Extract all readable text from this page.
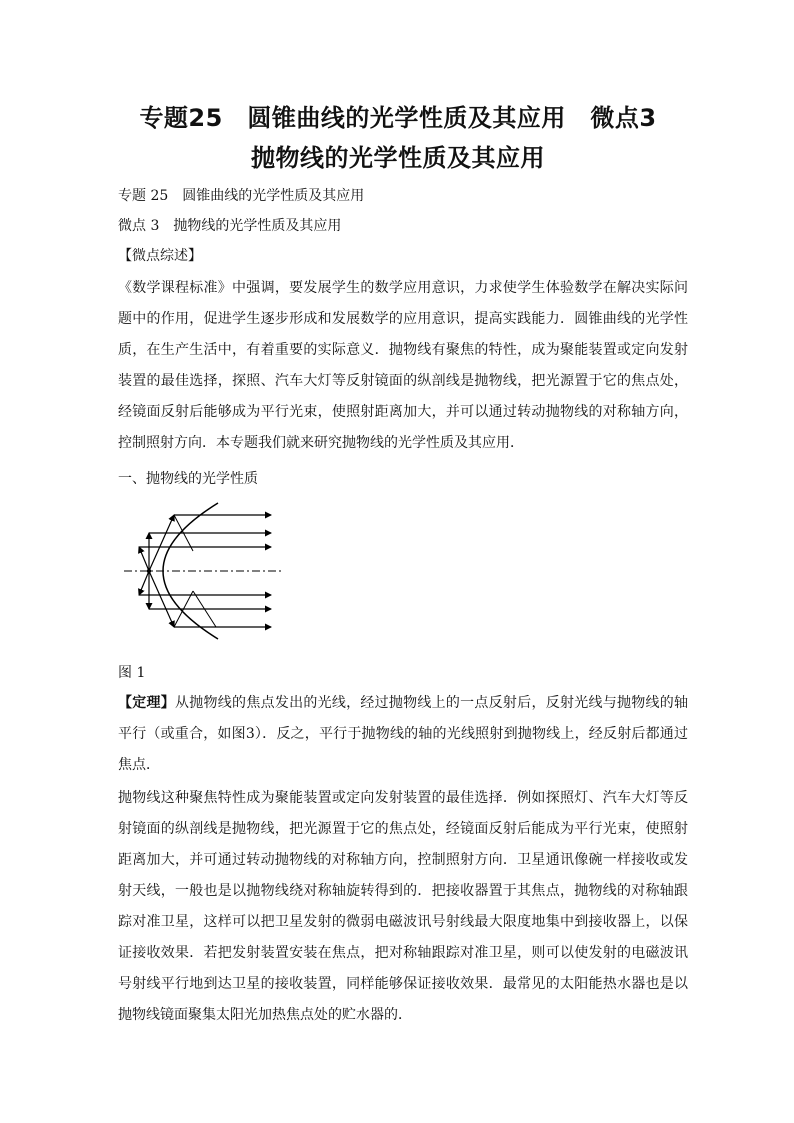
专题25　圆锥曲线的光学性质及其应用　微点3　抛物线的光学性质及其应用
专题 25　圆锥曲线的光学性质及其应用
微点 3　抛物线的光学性质及其应用
【微点综述】
《数学课程标准》中强调，要发展学生的数学应用意识，力求使学生体验数学在解决实际问题中的作用，促进学生逐步形成和发展数学的应用意识，提高实践能力．圆锥曲线的光学性质，在生产生活中，有着重要的实际意义．抛物线有聚焦的特性，成为聚能装置或定向发射装置的最佳选择，探照、汽车大灯等反射镜面的纵剖线是抛物线，把光源置于它的焦点处，经镜面反射后能够成为平行光束，使照射距离加大，并可以通过转动抛物线的对称轴方向，控制照射方向．本专题我们就来研究抛物线的光学性质及其应用．
一、抛物线的光学性质
图 1
【定理】从抛物线的焦点发出的光线，经过抛物线上的一点反射后，反射光线与抛物线的轴平行（或重合，如图3）．反之，平行于抛物线的轴的光线照射到抛物线上，经反射后都通过焦点．
抛物线这种聚焦特性成为聚能装置或定向发射装置的最佳选择．例如探照灯、汽车大灯等反射镜面的纵剖线是抛物线，把光源置于它的焦点处，经镜面反射后能成为平行光束，使照射距离加大，并可通过转动抛物线的对称轴方向，控制照射方向．卫星通讯像碗一样接收或发射天线，一般也是以抛物线绕对称轴旋转得到的．把接收器置于其焦点，抛物线的对称轴跟踪对准卫星，这样可以把卫星发射的微弱电磁波讯号射线最大限度地集中到接收器上，以保证接收效果．若把发射装置安装在焦点，把对称轴跟踪对准卫星，则可以使发射的电磁波讯号射线平行地到达卫星的接收装置，同样能够保证接收效果．最常见的太阳能热水器也是以抛物线镜面聚集太阳光加热焦点处的贮水器的．
